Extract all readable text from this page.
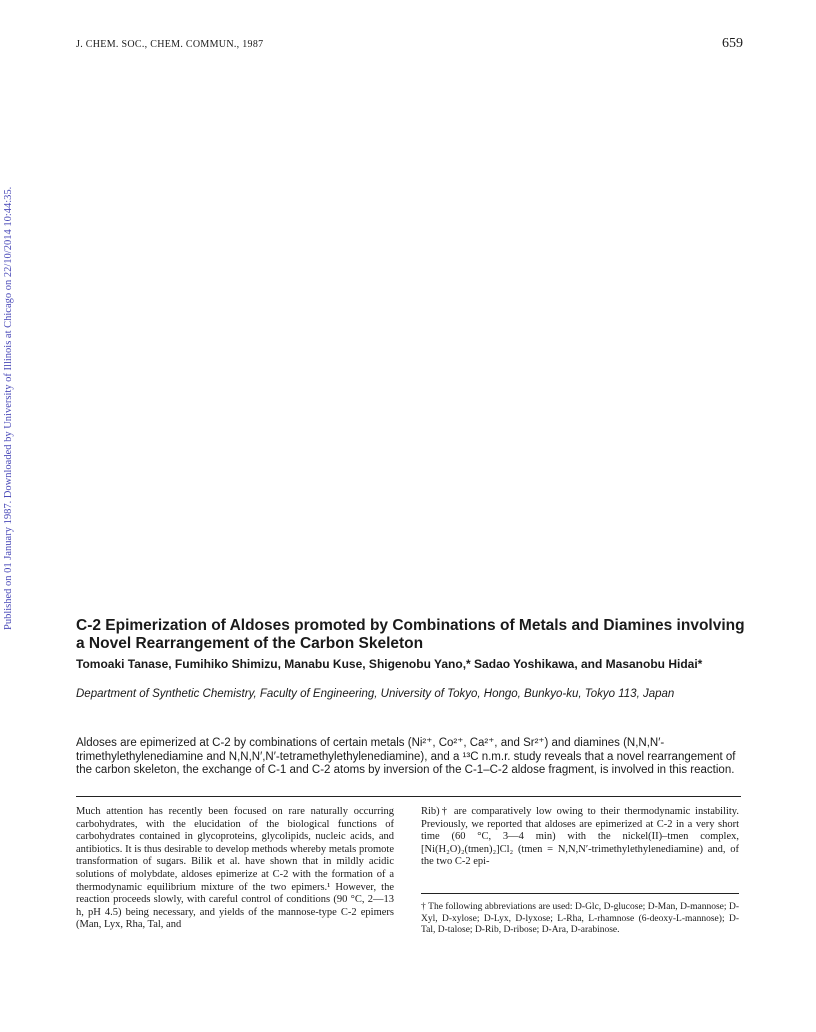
J. CHEM. SOC., CHEM. COMMUN., 1987	659
Published on 01 January 1987. Downloaded by University of Illinois at Chicago on 22/10/2014 10:44:35.	C-2 Epimerization of Aldoses promoted by Combinations of Metals and Diamines involving a Novel Rearrangement of the Carbon Skeleton
Tomoaki Tanase, Fumihiko Shimizu, Manabu Kuse, Shigenobu Yano,* Sadao Yoshikawa, and Masanobu Hidai*
Department of Synthetic Chemistry, Faculty of Engineering, University of Tokyo, Hongo, Bunkyo-ku, Tokyo 113, Japan
Aldoses are epimerized at C-2 by combinations of certain metals (Ni²⁺, Co²⁺, Ca²⁺, and Sr²⁺) and diamines (N,N,N′-trimethylethylenediamine and N,N,N′,N′-tetramethylethylenediamine), and a ¹³C n.m.r. study reveals that a novel rearrangement of the carbon skeleton, the exchange of C-1 and C-2 atoms by inversion of the C-1–C-2 aldose fragment, is involved in this reaction.
Much attention has recently been focused on rare naturally occurring carbohydrates, with the elucidation of the biological functions of carbohydrates contained in glycoproteins, glycolipids, nucleic acids, and antibiotics. It is thus desirable to develop methods whereby metals promote transformation of sugars. Bilik et al. have shown that in mildly acidic solutions of molybdate, aldoses epimerize at C-2 with the formation of a thermodynamic equilibrium mixture of the two epimers.¹ However, the reaction proceeds slowly, with careful control of conditions (90 °C, 2—13 h, pH 4.5) being necessary, and yields of the mannose-type C-2 epimers (Man, Lyx, Rha, Tal, and
Rib)† are comparatively low owing to their thermodynamic instability. Previously, we reported that aldoses are epimerized at C-2 in a very short time (60 °C, 3—4 min) with the nickel(II)–tmen complex, [Ni(H₂O)₂(tmen)₂]Cl₂ (tmen = N,N,N′-trimethylethylenediamine) and, of the two C-2 epi-
† The following abbreviations are used: D-Glc, D-glucose; D-Man, D-mannose; D-Xyl, D-xylose; D-Lyx, D-lyxose; L-Rha, L-rhamnose (6-deoxy-L-mannose); D-Tal, D-talose; D-Rib, D-ribose; D-Ara, D-arabinose.
